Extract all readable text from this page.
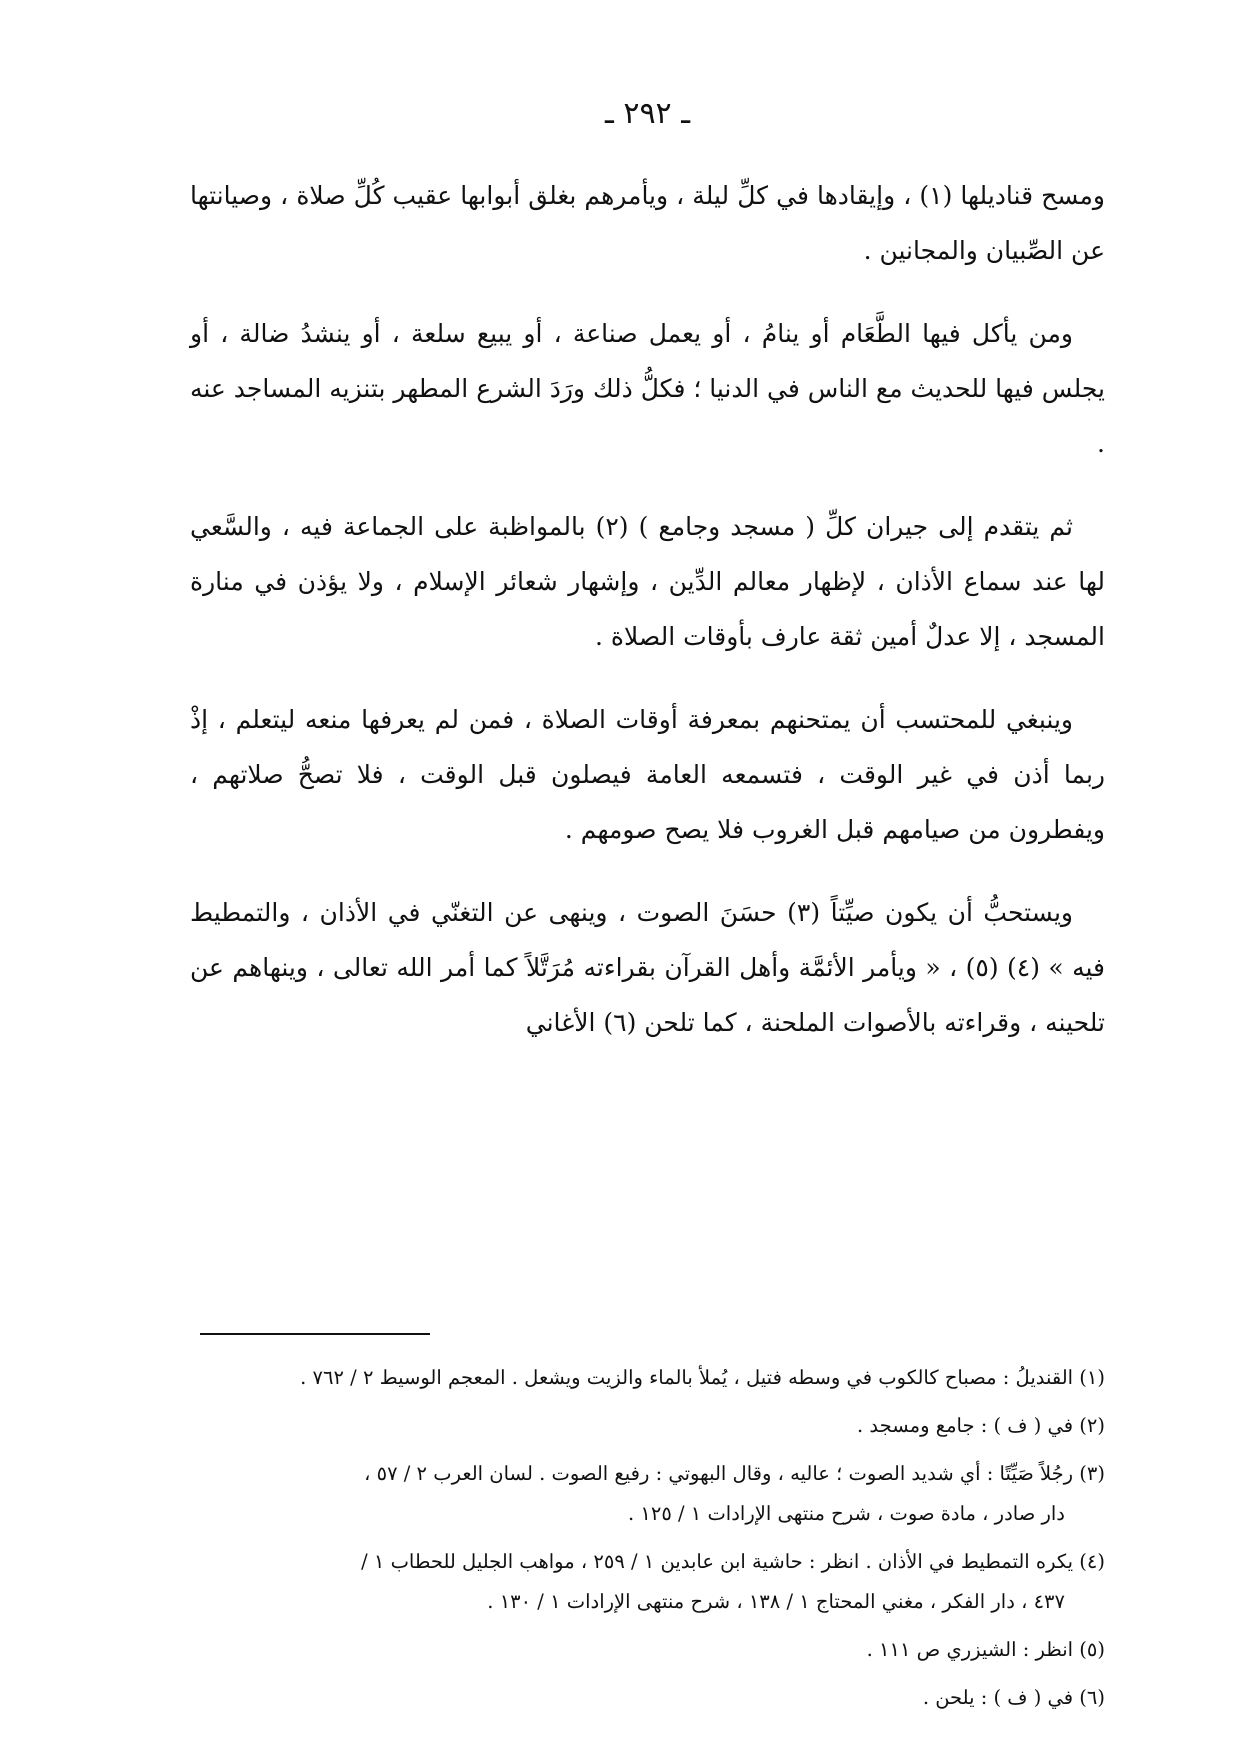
ـ ٢٩٢ ـ

ومسح قناديلها (١) ، وإيقادها في كلِّ ليلة ، ويأمرهم بغلق أبوابها عقيب كُلِّ صلاة ، وصيانتها عن الصِّبيان والمجانين .

ومن يأكل فيها الطَّعَام أو ينامُ ، أو يعمل صناعة ، أو يبيع سلعة ، أو ينشدُ ضالة ، أو يجلس فيها للحديث مع الناس في الدنيا ؛ فكلُّ ذلك ورَدَ الشرع المطهر بتنزيه المساجد عنه .

ثم يتقدم إلى جيران كلِّ ( مسجد وجامع ) (٢) بالمواظبة على الجماعة فيه ، والسَّعي لها عند سماع الأذان ، لإظهار معالم الدِّين ، وإشهار شعائر الإسلام ، ولا يؤذن في منارة المسجد ، إلا عدلٌ أمين ثقة عارف بأوقات الصلاة .

وينبغي للمحتسب أن يمتحنهم بمعرفة أوقات الصلاة ، فمن لم يعرفها منعه ليتعلم ، إذْ ربما أذن في غير الوقت ، فتسمعه العامة فيصلون قبل الوقت ، فلا تصحُّ صلاتهم ، ويفطرون من صيامهم قبل الغروب فلا يصح صومهم .

ويستحبُّ أن يكون صيِّتاً (٣) حسَنَ الصوت ، وينهى عن التغنّي في الأذان ، والتمطيط فيه » (٤) (٥) ، « ويأمر الأئمَّة وأهل القرآن بقراءته مُرَتَّلاً كما أمر الله تعالى ، وينهاهم عن تلحينه ، وقراءته بالأصوات الملحنة ، كما تلحن (٦) الأغاني

(١) القنديلُ : مصباح كالكوب في وسطه فتيل ، يُملأ بالماء والزيت ويشعل . المعجم الوسيط ٢ / ٧٦٢ .
(٢) في ( ف ) : جامع ومسجد .
(٣) رجُلاً صَيِّتًا : أي شديد الصوت ؛ عاليه ، وقال البهوتي : رفيع الصوت . لسان العرب ٢ / ٥٧ ،
دار صادر ، مادة صوت ، شرح منتهى الإرادات ١ / ١٢٥ .
(٤) يكره التمطيط في الأذان . انظر : حاشية ابن عابدين ١ / ٢٥٩ ، مواهب الجليل للحطاب ١ /
٤٣٧ ، دار الفكر ، مغني المحتاج ١ / ١٣٨ ، شرح منتهى الإرادات ١ / ١٣٠ .
(٥) انظر : الشيزري ص ١١١ .
(٦) في ( ف ) : يلحن .
